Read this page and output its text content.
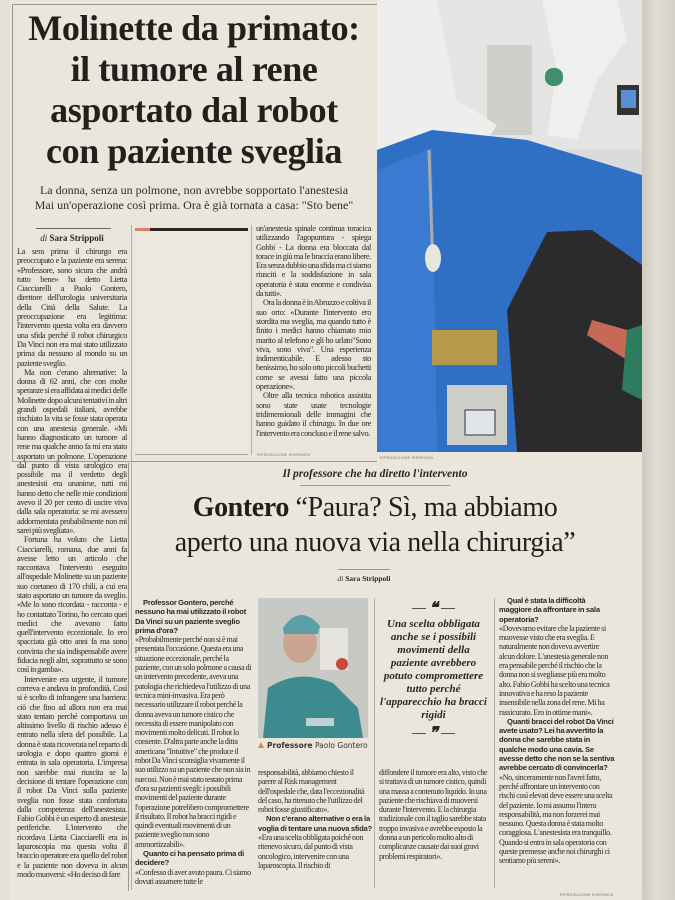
Molinette da primato:
il tumore al rene
asportato dal robot
con paziente sveglia
La donna, senza un polmone, non avrebbe sopportato l'anestesia
Mai un'operazione così prima. Ora è già tornata a casa: "Sto bene"
di Sara Strippoli

La sera prima il chirurgo era preoccupato e la paziente era serena: «Professore, sono sicura che andrà tutto bene» ha detto Lietta Ciacciarelli a Paolo Gontero, direttore dell'urologia universitaria della Città della Salute. La preoccupazione era legittima: l'intervento questa volta era davvero una sfida perché il robot chirurgico Da Vinci non era mai stato utilizzato prima da nessuno al mondo su un paziente sveglio.

Ma non c'erano alternative: la donna di 62 anni, che con molte speranze si era affidata ai medici delle Molinette dopo alcuni tentativi in altri grandi ospedali italiani, avrebbe rischiato la vita se fosse stata operata con una anestesia generale. «Mi hanno diagnosticato un tumore al rene ma qualche anno fa mi era stato asportato un polmone. L'operazione dal punto di vista urologico era possibile ma il verdetto degli anestesisti era unanime, tutti mi hanno detto che nelle mie condizioni avevo il 20 per cento di uscire viva dalla sala operatoria: se mi avessero addormentata probabilmente non mi sarei più svegliata».

Fortuna ha voluto che Lietta Ciacciarelli, romana, due anni fa avesse letto un articolo che raccontava l'intervento eseguito all'ospedale Molinette su un paziente suo coetaneo di 170 chili, a cui era stato asportato un tumore da sveglio. «Me lo sono ricordata - racconta - e ho contattato Torino, ho cercato quei medici che avevano fatto quell'intervento eccezionale. Io ero spacciata già otto anni fa ma sono convinta che sia indispensabile avere fiducia negli altri, soprattutto se sono così in gamba».

Intervenire era urgente, il tumore correva e andava in profondità. Così si è scelto di infrangere una barriera: ciò che fino ad allora non era mai stato tentato perché comportava un altissimo livello di rischio adesso è entrato nella sfera del possibile. La donna è stata ricoverata nel reparto di urologia e dopo quattro giorni è entrata in sala operatoria. L'impresa non sarebbe mai riuscita se la decisione di tentare l'operazione con il robot Da Vinci sulla paziente sveglia non fosse stata confortata dalla competenza dell'anestesista. Fabio Gobbi è un esperto di anestesie periferiche. L'intervento che ricordava Lietta Ciacciarelli era in laparoscopia ma questa volta il braccio operatore era quello del robot e la paziente non doveva in alcun modo muoversi: «Ho deciso di fare

un'anestesia spinale continua toracica utilizzando l'agopuntura - spiega Gobbi - La donna era bloccata dal torace in giù ma le braccia erano libere. Era senza dubbio una sfida ma ci siamo riusciti e la soddisfazione in sala operatoria è stata enorme e condivisa da tutti».

Ora la donna è in Abruzzo e coltiva il suo orto: «Durante l'intervento ero stordita ma sveglia, ma quando tutto è finito i medici hanno chiamato mio marito al telefono e gli ho urlato"Sono viva, sono viva". Una esperienza indimenticabile. E adesso sto benissimo, ho solo otto piccoli buchetti come se avessi fatto una piccola operazione».

Oltre alla tecnica robotica assistita sono state usate tecnologie tridimensionali delle immagini che hanno guidato il chirurgo. In due ore l'intervento era concluso e il rene salvo.

RIPRODUZIONE RISERVATA
RIPRODUZIONE RISERVATA
Il professore che ha diretto l'intervento
Gontero “Paura? Sì, ma abbiamo
aperto una nuova via nella chirurgia”
di Sara Strippoli

Professor Gontero, perché nessuno ha mai utilizzato il robot Da Vinci su un paziente sveglio prima d'ora?

«Probabilmente perché non si è mai presentata l'occasione. Questa era una situazione eccezionale, perché la paziente, con un solo polmone a causa di un intervento precedente, aveva una patologia che richiedeva l'utilizzo di una tecnica mini-invasiva. Era però necessario utilizzare il robot perché la donna aveva un tumore cistico che necessita di essere manipolato con movimenti molto delicati. Il robot lo consente. D'altra parte anche la ditta americana "Intuitive" che produce il robot Da Vinci sconsiglia vivamente il suo utilizzo su un paziente che non sia in narcosi. Non è mai stato testato prima d'ora su pazienti svegli: i possibili movimenti del paziente durante l'operazione potrebbero compromettere il risultato. Il robot ha bracci rigidi e quindi eventuali movimenti di un paziente sveglio non sono ammortizzabili».

Quanto ci ha pensato prima di decidere?

«Confesso di aver avuto paura. Ci siamo dovuti assumere tutte le

Professore Paolo Gontero
❝
Una scelta obbligata anche se i possibili movimenti della paziente avrebbero potuto compromettere tutto perché l'apparecchio ha bracci rigidi
❞

responsabilità, abbiamo chiesto il parere al Risk management dell'ospedale che, data l'eccezionalità del caso, ha ritenuto che l'utilizzo del robot fosse giustificato».

Non c'erano alternative o era la voglia di tentare una nuova sfida?

«Era una scelta obbligata poiché non ritenevo sicuro, dal punto di vista oncologico, intervenire con una laparoscopia. Il rischio di

diffondere il tumore era alto, visto che si trattava di un tumore cistico, quindi una massa a contenuto liquido. In una paziente che rischiava di muoversi durante l'intervento. E la chirurgia tradizionale con il taglio sarebbe stata troppo invasiva e avrebbe esposto la donna a un pericolo molto alto di complicanze causate dai suoi gravi problemi respiratori».

Qual è stata la difficoltà maggiore da affrontare in sala operatoria?

«Dovevamo evitare che la paziente si muovesse visto che era sveglia. E naturalmente non doveva avvertire alcun dolore. L'anestesia generale non era pensabile perché il rischio che la donna non si svegliasse più era molto alto. Fabio Gobbi ha scelto una tecnica innovativa e ha reso la paziente insensibile nella zona del rene. Mi ha rassicurato. Ero in ottime mani».

Quanti bracci del robot Da Vinci avete usato? Lei ha avvertito la donna che sarebbe stata in qualche modo una cavia. Se avesse detto che non se la sentiva avrebbe cercato di convincerla?

«No, sinceramente non l'avrei fatto, perché affrontare un intervento con rischi così elevati deve essere una scelta del paziente. Io mi assumo l'intera responsabilità, ma non forzerei mai nessuno. Questa donna è stata molto coraggiosa. L'anestesista era tranquillo. Quando si entra in sala operatoria con queste premesse anche noi chirurghi ci sentiamo più sereni».

RIPRODUZIONE RISERVATA
